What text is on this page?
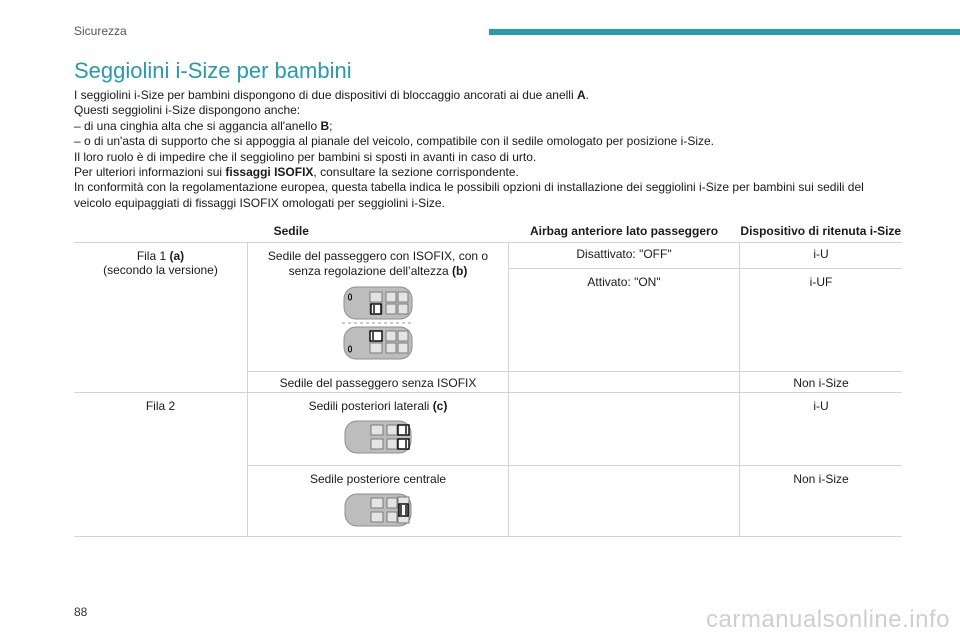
Sicurezza
Seggiolini i-Size per bambini

I seggiolini i-Size per bambini dispongono di due dispositivi di bloccaggio ancorati ai due anelli A.

Questi seggiolini i-Size dispongono anche:

– di una cinghia alta che si aggancia all'anello B;

– o di un'asta di supporto che si appoggia al pianale del veicolo, compatibile con il sedile omologato per posizione i-Size.

Il loro ruolo è di impedire che il seggiolino per bambini si sposti in avanti in caso di urto.

Per ulteriori informazioni sui fissaggi ISOFIX, consultare la sezione corrispondente.

In conformità con la regolamentazione europea, questa tabella indica le possibili opzioni di installazione dei seggiolini i-Size per bambini sui sedili del veicolo equipaggiati di fissaggi ISOFIX omologati per seggiolini i-Size.

Sedile		Airbag anteriore lato passeggero	Dispositivo di ritenuta i-Size
Fila 1 (a)
(secondo la versione)	Sedile del passeggero con ISOFIX, con o senza regolazione dell’altezza (b)	Disattivato: "OFF"	i-U
		Attivato: "ON"	i-UF
	Sedile del passeggero senza ISOFIX		Non i-Size
Fila 2	Sedili posteriori laterali (c)		i-U

	Sedile posteriore centrale		Non i-Size
88	carmanualsonline.info
